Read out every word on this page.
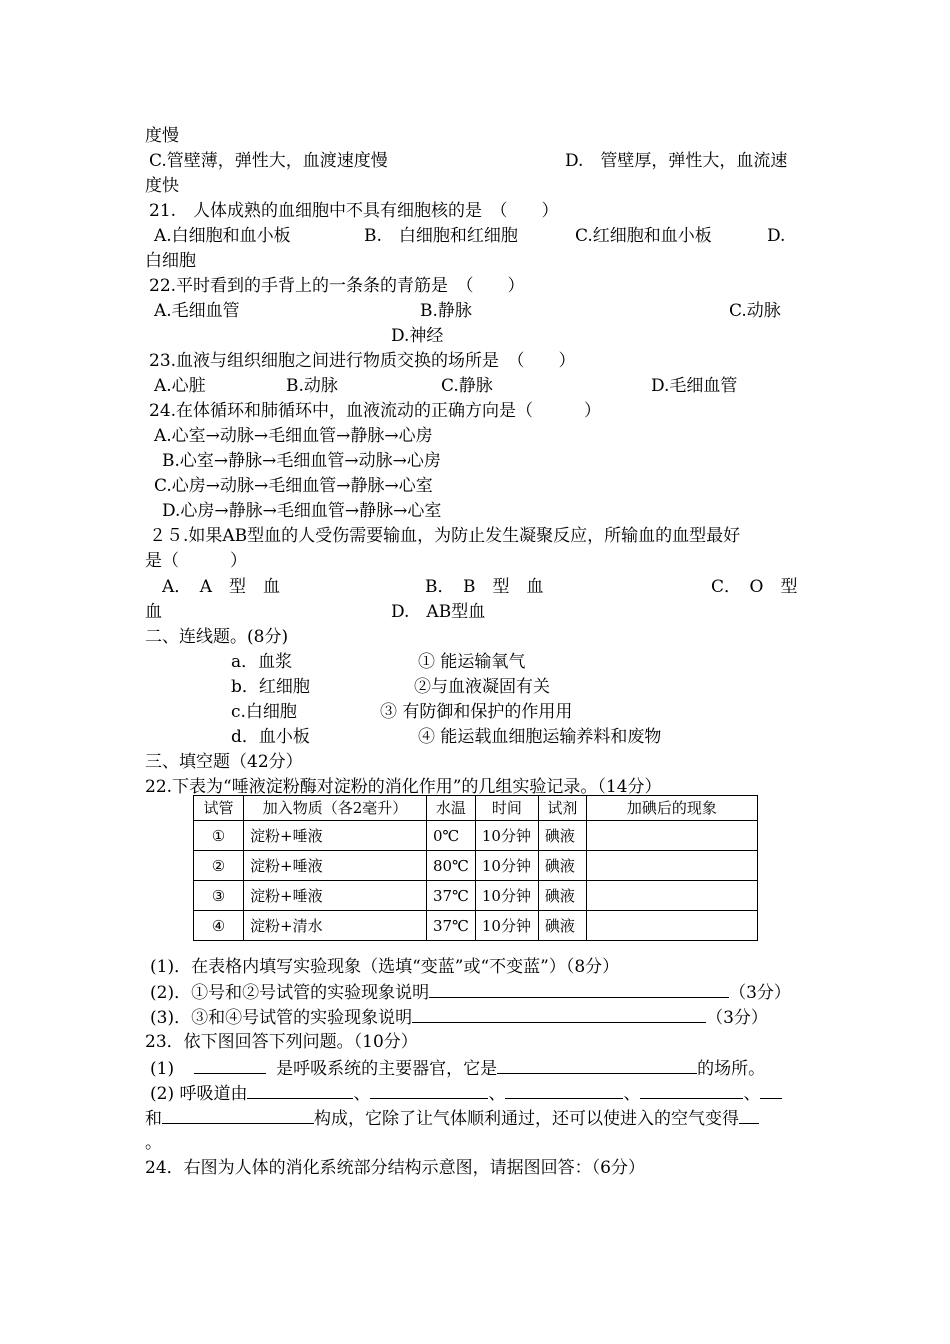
度慢
C.管壁薄，弹性大，血渡速度慢	D.　管壁厚，弹性大，血流速
度快
21.　人体成熟的血细胞中不具有细胞核的是　（　　）
A.白细胞和血小板	B.　白细胞和红细胞	C.红细胞和血小板	D.
白细胞
22.平时看到的手背上的一条条的青筋是　（　　）
A.毛细血管	B.静脉	C.动脉
D.神经
23.血液与组织细胞之间进行物质交换的场所是　（　　）
A.心脏	B.动脉	C.静脉	D.毛细血管
24.在体循环和肺循环中，血液流动的正确方向是（　　　）
A.心室→动脉→毛细血管→静脉→心房
B.心室→静脉→毛细血管→动脉→心房
C.心房→动脉→毛细血管→静脉→心室
D.心房→静脉→毛细血管→静脉→心室
２５.如果AB型血的人受伤需要输血，为防止发生凝聚反应，所输血的血型最好
是（　　　）
A．　A　型　血	B．　B　型　血	C．　O　型
血	D.　AB型血
二、连线题。(8分)
a．血浆	① 能运输氧气
b．红细胞	②与血液凝固有关
c.白细胞	③ 有防御和保护的作用用
d．血小板	④ 能运载血细胞运输养料和废物
三、填空题（42分）
22.下表为“唾液淀粉酶对淀粉的消化作用”的几组实验记录。（14分）
试管	加入物质（各2毫升）	水温	时间	试剂	加碘后的现象
①	淀粉+唾液	0℃	10分钟	碘液	
②	淀粉+唾液	80℃	10分钟	碘液	
③	淀粉+唾液	37℃	10分钟	碘液	
④	淀粉+清水	37℃	10分钟	碘液	
(1)．在表格内填写实验现象（选填“变蓝”或“不变蓝”）（8分）
(2)．①号和②号试管的实验现象说明	（3分）
(3)．③和④号试管的实验现象说明	（3分）
23．依下图回答下列问题。（10分）
(1)	是呼吸系统的主要器官，它是	的场所。
(2) 呼吸道由	、	、	、	、
和	构成，它除了让气体顺利通过，还可以使进入的空气变得
。
24．右图为人体的消化系统部分结构示意图，请据图回答：（6分）
